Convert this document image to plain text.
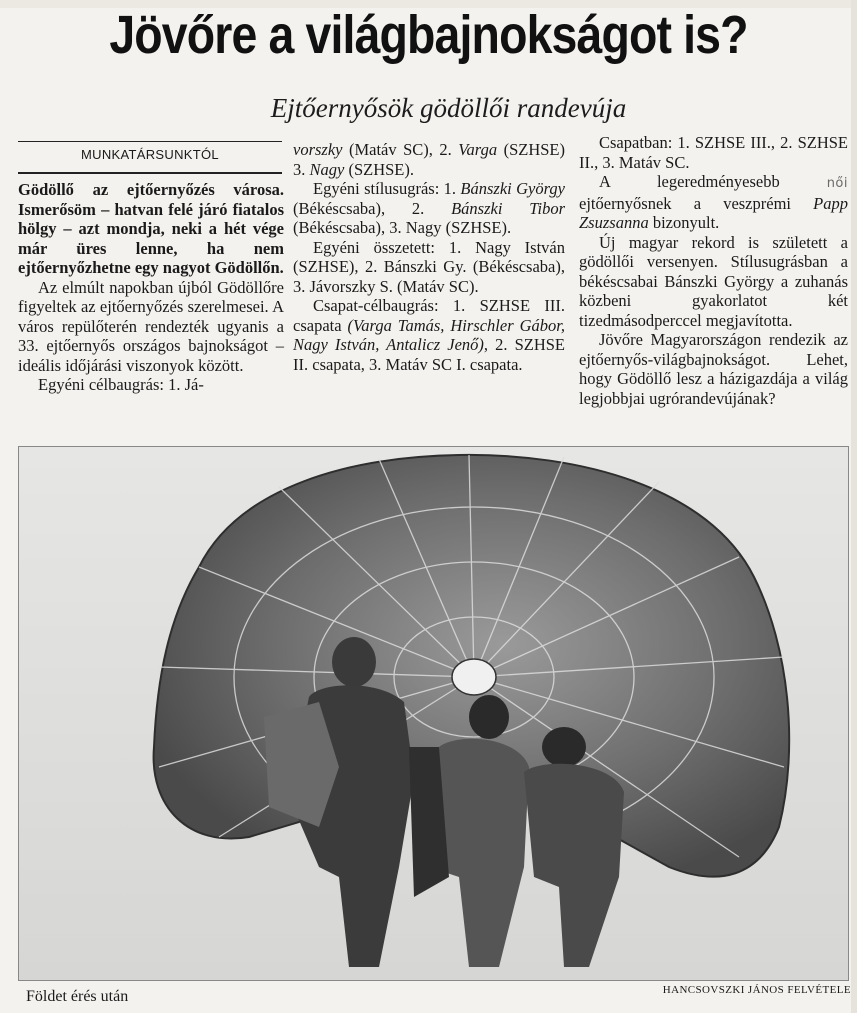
Jövőre a világbajnokságot is?
Ejtőernyősök gödöllői randevúja
MUNKATÁRSUNKTÓL

Gödöllő az ejtőernyőzés városa. Ismerősöm – hatvan felé járó fiatalos hölgy – azt mondja, neki a hét vége már üres lenne, ha nem ejtőernyőzhetne egy nagyot Gödöllőn.

Az elmúlt napokban újból Gödöllőre figyeltek az ejtőernyőzés szerelmesei. A város repülőterén rendezték ugyanis a 33. ejtőernyős országos bajnokságot – ideális időjárási viszonyok között.

Egyéni célbaugrás: 1. Já-

vorszky (Matáv SC), 2. Varga (SZHSE) 3. Nagy (SZHSE).

Egyéni stílusugrás: 1. Bánszki György (Békéscsaba), 2. Bánszki Tibor (Békéscsaba), 3. Nagy (SZHSE).

Egyéni összetett: 1. Nagy István (SZHSE), 2. Bánszki Gy. (Békéscsaba), 3. Jávorszky S. (Matáv SC).

Csapat-célbaugrás: 1. SZHSE III. csapata (Varga Tamás, Hirschler Gábor, Nagy István, Antalicz Jenő), 2. SZHSE II. csapata, 3. Matáv SC I. csapata.

Csapatban: 1. SZHSE III., 2. SZHSE II., 3. Matáv SC.

A legeredményesebb női ejtőernyősnek a veszprémi Papp Zsuzsanna bizonyult.

Új magyar rekord is született a gödöllői versenyen. Stílusugrásban a békéscsabai Bánszki György a zuhanás közbeni gyakorlatot két tizedmásodperccel megjavította.

Jövőre Magyarországon rendezik az ejtőernyős-világbajnokságot. Lehet, hogy Gödöllő lesz a házigazdája a világ legjobbjai ugrórandevújának?

Földet érés után	HANCSOVSZKI JÁNOS FELVÉTELE
